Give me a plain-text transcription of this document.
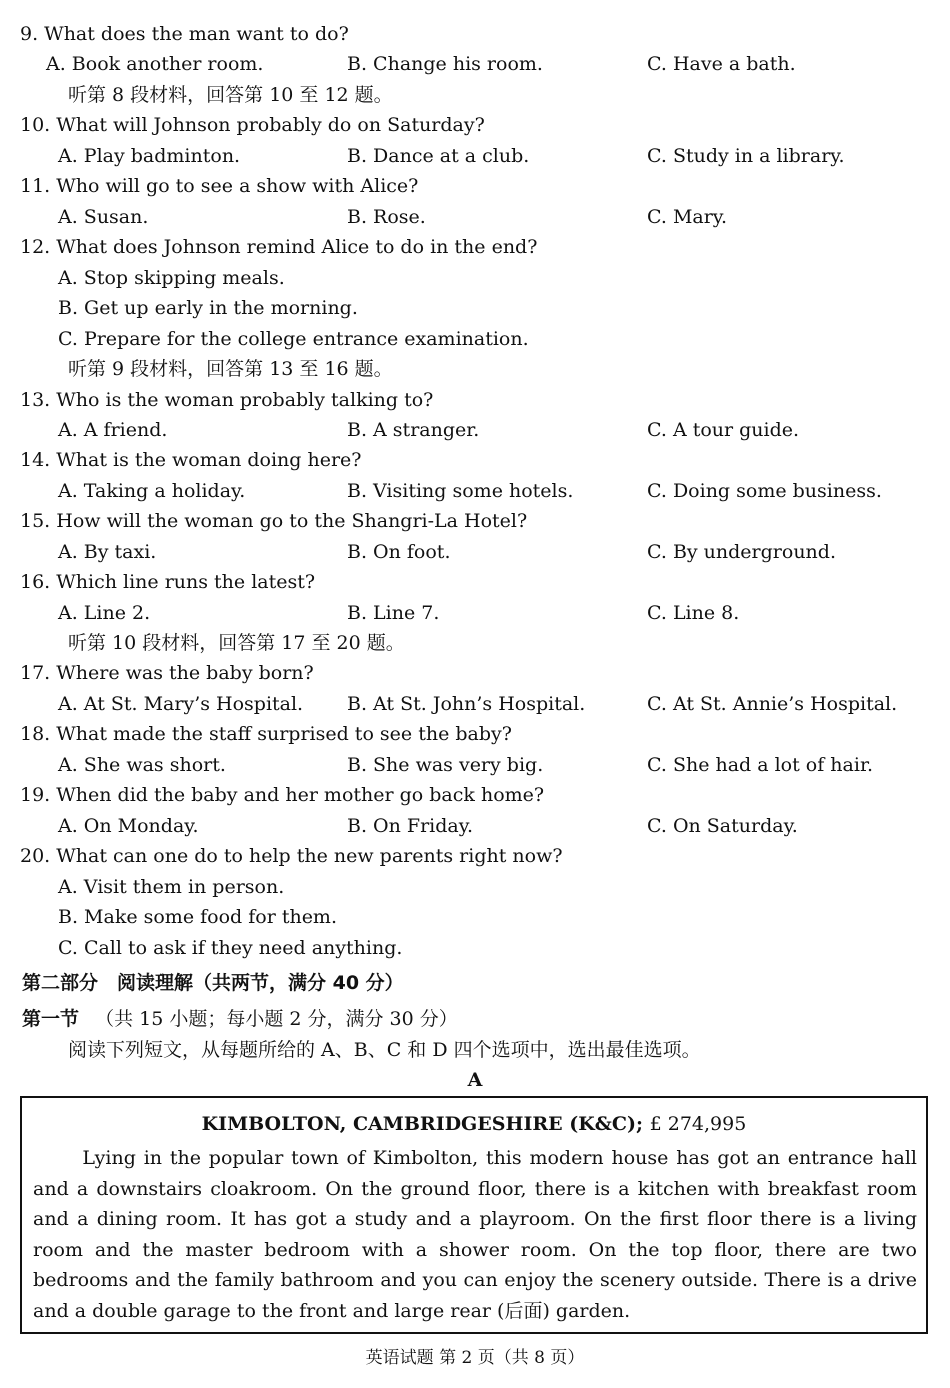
9. What does the man want to do?
A. Book another room.	B. Change his room.	C. Have a bath.
听第 8 段材料，回答第 10 至 12 题。
10. What will Johnson probably do on Saturday?
A. Play badminton.	B. Dance at a club.	C. Study in a library.
11. Who will go to see a show with Alice?
A. Susan.	B. Rose.	C. Mary.
12. What does Johnson remind Alice to do in the end?
A. Stop skipping meals.
B. Get up early in the morning.
C. Prepare for the college entrance examination.
听第 9 段材料，回答第 13 至 16 题。
13. Who is the woman probably talking to?
A. A friend.	B. A stranger.	C. A tour guide.
14. What is the woman doing here?
A. Taking a holiday.	B. Visiting some hotels.	C. Doing some business.
15. How will the woman go to the Shangri-La Hotel?
A. By taxi.	B. On foot.	C. By underground.
16. Which line runs the latest?
A. Line 2.	B. Line 7.	C. Line 8.
听第 10 段材料，回答第 17 至 20 题。
17. Where was the baby born?
A. At St. Mary’s Hospital. B. At St. John’s Hospital.	C. At St. Annie’s Hospital.
18. What made the staff surprised to see the baby?
A. She was short.	B. She was very big.	C. She had a lot of hair.
19. When did the baby and her mother go back home?
A. On Monday.	B. On Friday.	C. On Saturday.
20. What can one do to help the new parents right now?
A. Visit them in person.
B. Make some food for them.
C. Call to ask if they need anything.
第二部分　阅读理解（共两节，满分 40 分）
第一节 （共 15 小题；每小题 2 分，满分 30 分）
阅读下列短文，从每题所给的 A、B、C 和 D 四个选项中，选出最佳选项。
A
KIMBOLTON, CAMBRIDGESHIRE (K&C); £ 274,995
Lying in the popular town of Kimbolton, this modern house has got an entrance hall and a downstairs cloakroom. On the ground floor, there is a kitchen with breakfast room and a dining room. It has got a study and a playroom. On the first floor there is a living room and the master bedroom with a shower room. On the top floor, there are two bedrooms and the family bathroom and you can enjoy the scenery outside. There is a drive and a double garage to the front and large rear (后面) garden.
英语试题 第 2 页（共 8 页）
